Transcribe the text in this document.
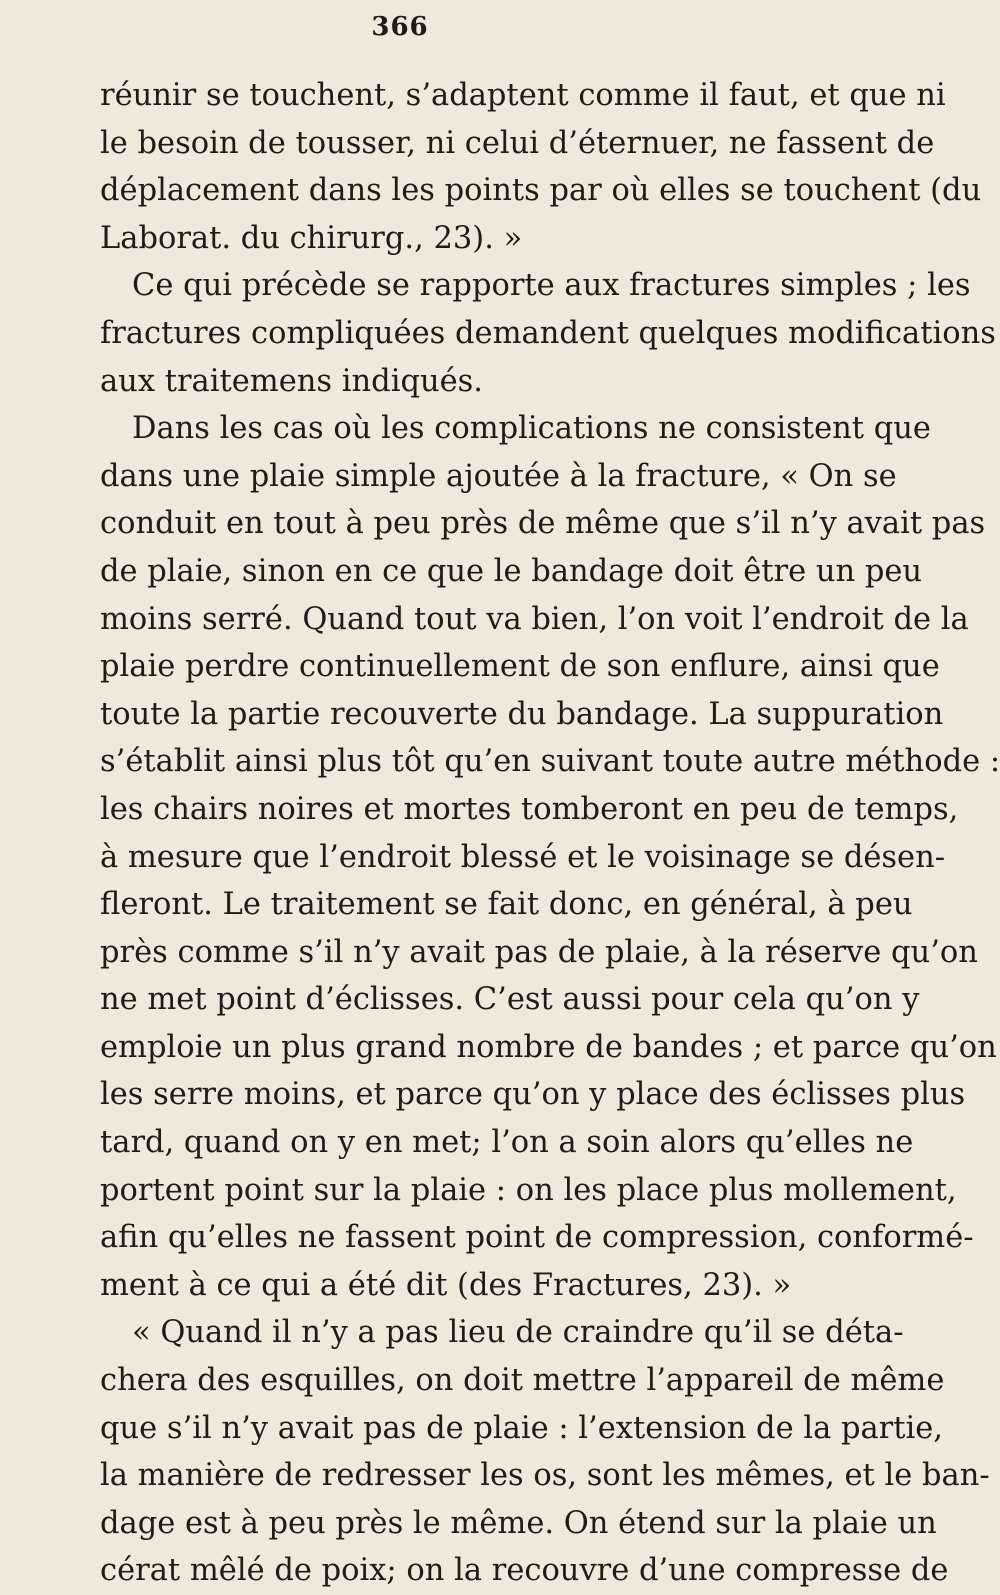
366
réunir se touchent, s’adaptent comme il faut, et que ni
le besoin de tousser, ni celui d’éternuer, ne fassent de
déplacement dans les points par où elles se touchent (du
Laborat. du chirurg., 23). »
Ce qui précède se rapporte aux fractures simples ; les
fractures compliquées demandent quelques modifications
aux traitemens indiqués.
Dans les cas où les complications ne consistent que
dans une plaie simple ajoutée à la fracture, « On se
conduit en tout à peu près de même que s’il n’y avait pas
de plaie, sinon en ce que le bandage doit être un peu
moins serré. Quand tout va bien, l’on voit l’endroit de la
plaie perdre continuellement de son enflure, ainsi que
toute la partie recouverte du bandage. La suppuration
s’établit ainsi plus tôt qu’en suivant toute autre méthode :
les chairs noires et mortes tomberont en peu de temps,
à mesure que l’endroit blessé et le voisinage se désen-
fleront. Le traitement se fait donc, en général, à peu
près comme s’il n’y avait pas de plaie, à la réserve qu’on
ne met point d’éclisses. C’est aussi pour cela qu’on y
emploie un plus grand nombre de bandes ; et parce qu’on
les serre moins, et parce qu’on y place des éclisses plus
tard, quand on y en met; l’on a soin alors qu’elles ne
portent point sur la plaie : on les place plus mollement,
afin qu’elles ne fassent point de compression, conformé-
ment à ce qui a été dit (des Fractures, 23). »
« Quand il n’y a pas lieu de craindre qu’il se déta-
chera des esquilles, on doit mettre l’appareil de même
que s’il n’y avait pas de plaie : l’extension de la partie,
la manière de redresser les os, sont les mêmes, et le ban-
dage est à peu près le même. On étend sur la plaie un
cérat mêlé de poix; on la recouvre d’une compresse de
